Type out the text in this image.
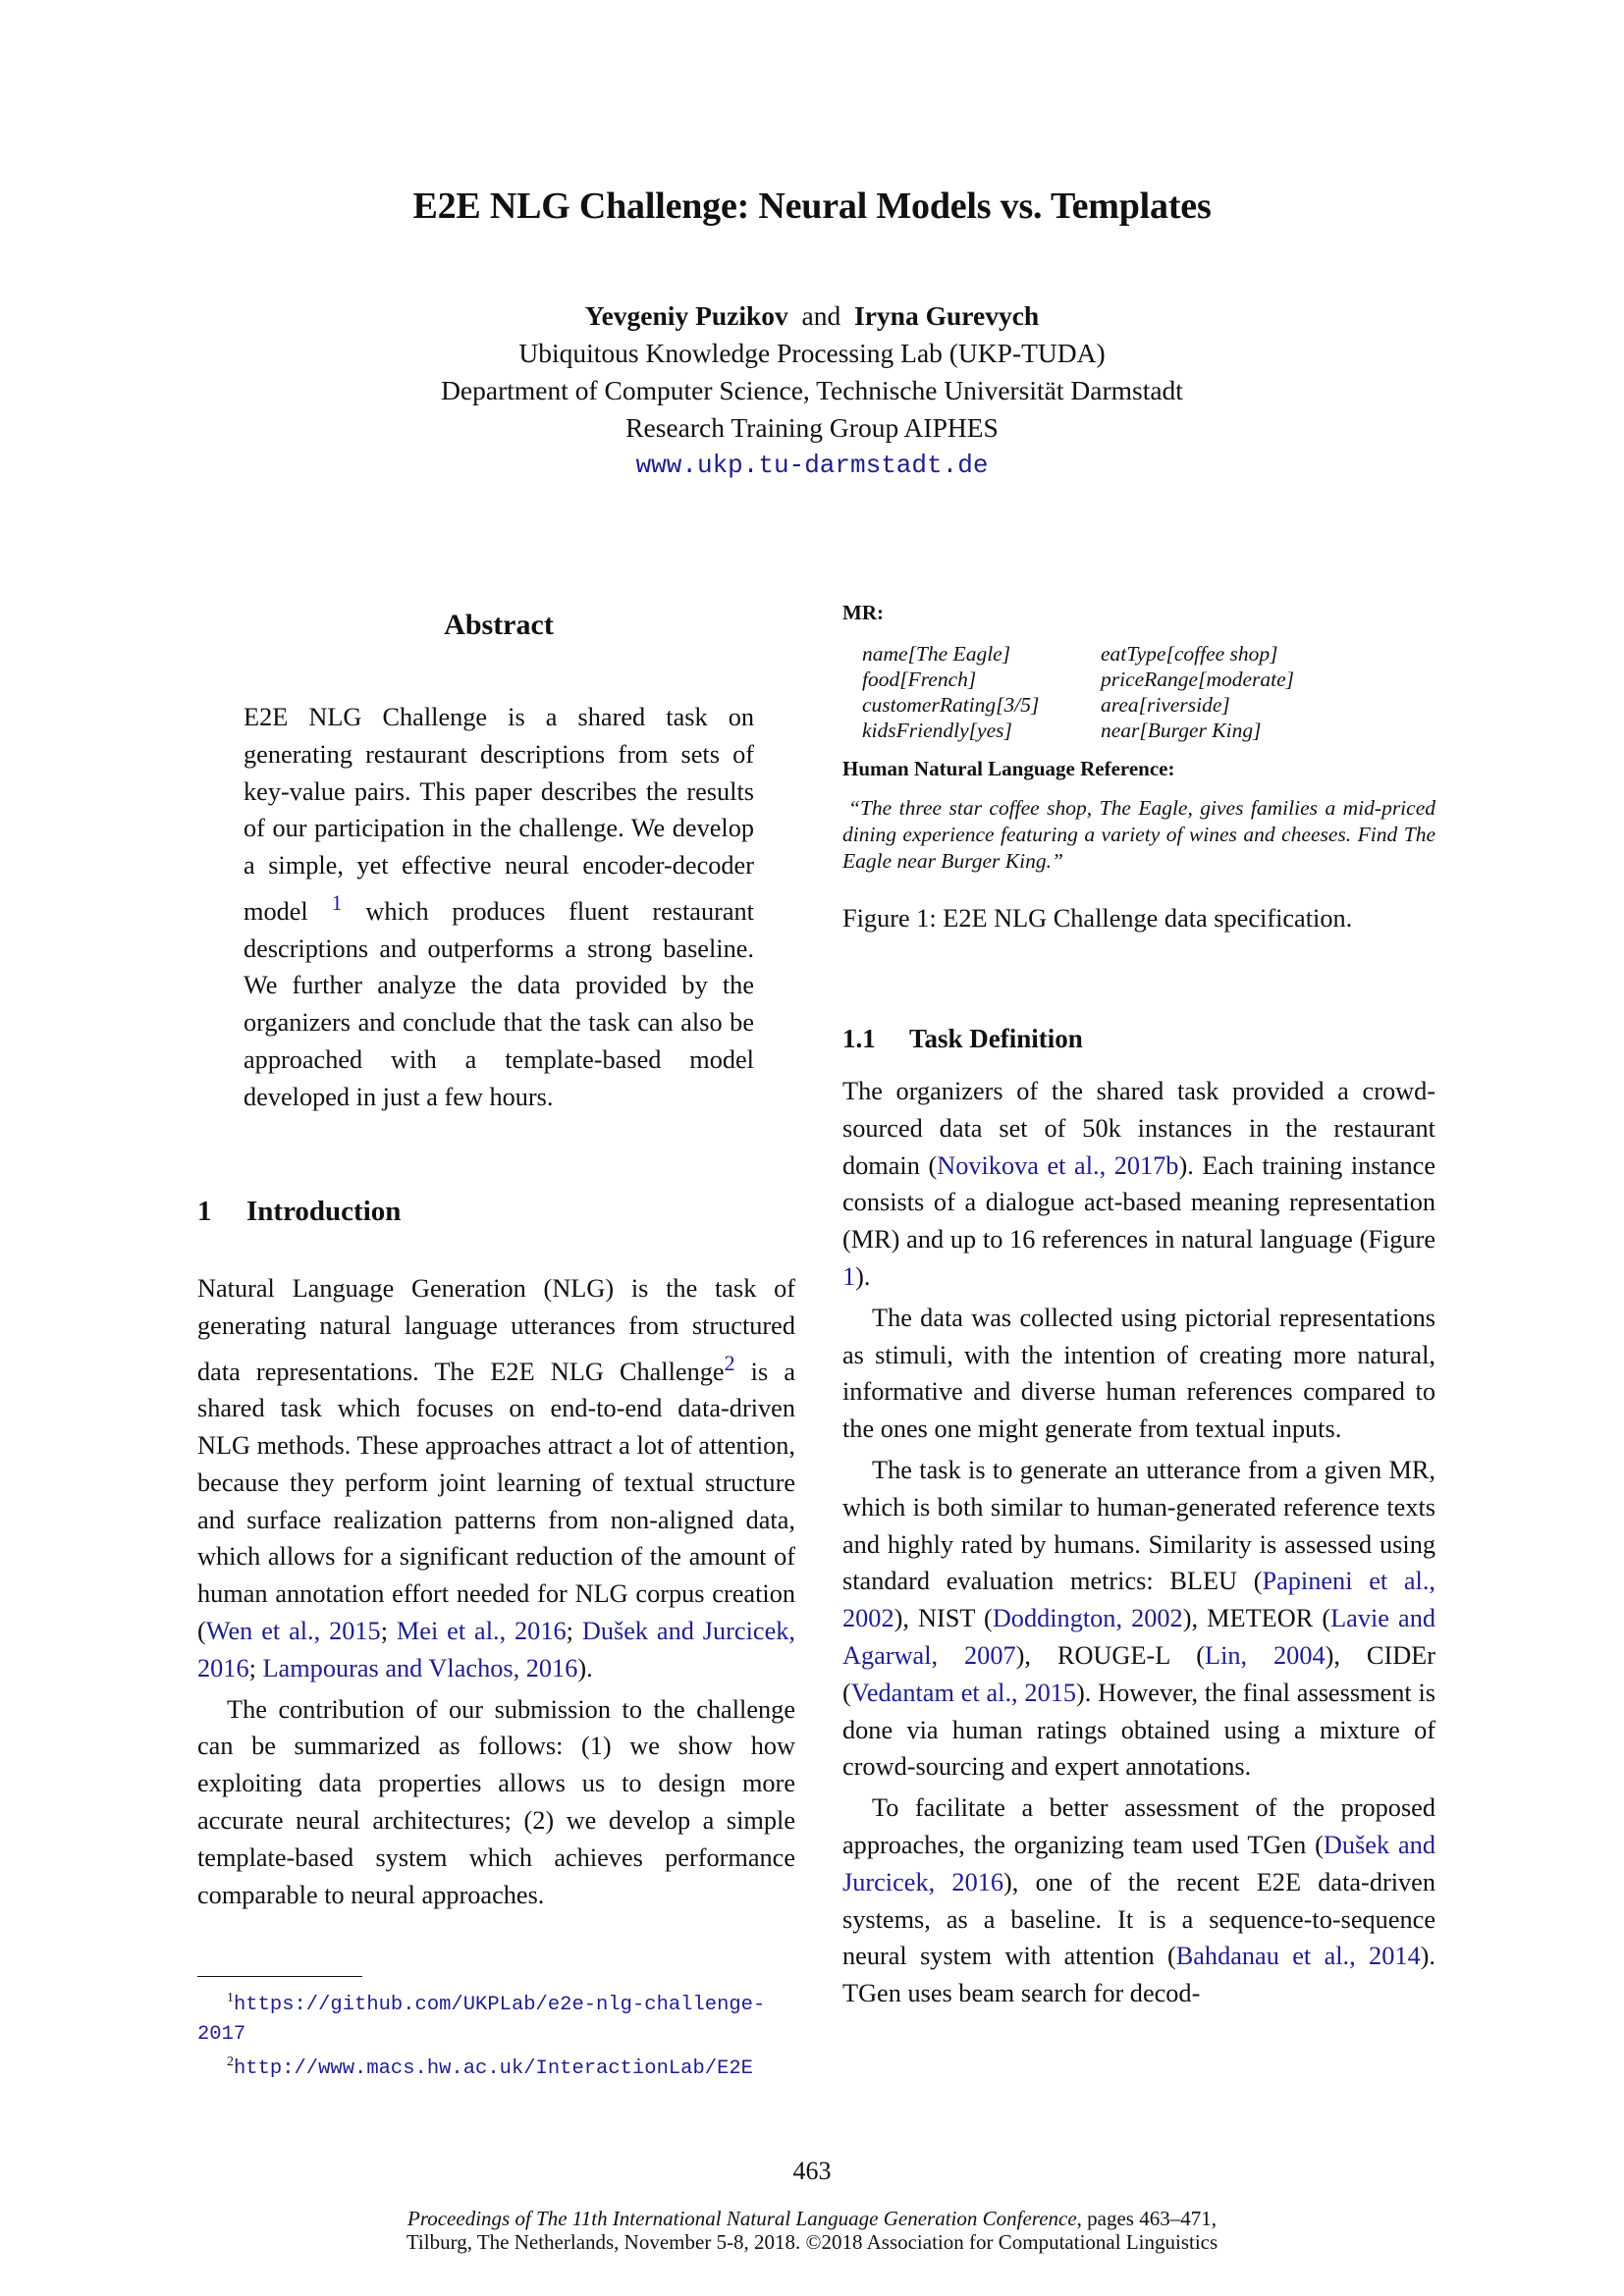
E2E NLG Challenge: Neural Models vs. Templates
Yevgeniy Puzikov and Iryna Gurevych
Ubiquitous Knowledge Processing Lab (UKP-TUDA)
Department of Computer Science, Technische Universität Darmstadt
Research Training Group AIPHES
www.ukp.tu-darmstadt.de
Abstract

E2E NLG Challenge is a shared task on generating restaurant descriptions from sets of key-value pairs. This paper describes the results of our participation in the challenge. We develop a simple, yet effective neural encoder-decoder model $^1$ which produces fluent restaurant descriptions and outperforms a strong baseline. We further analyze the data provided by the organizers and conclude that the task can also be approached with a template-based model developed in just a few hours.

1 Introduction

Natural Language Generation (NLG) is the task of generating natural language utterances from structured data representations. The E2E NLG Challenge$^2$ is a shared task which focuses on end-to-end data-driven NLG methods. These approaches attract a lot of attention, because they perform joint learning of textual structure and surface realization patterns from non-aligned data, which allows for a significant reduction of the amount of human annotation effort needed for NLG corpus creation (Wen et al., 2015; Mei et al., 2016; Dušek and Jurcicek, 2016; Lampouras and Vlachos, 2016).

The contribution of our submission to the challenge can be summarized as follows: (1) we show how exploiting data properties allows us to design more accurate neural architectures; (2) we develop a simple template-based system which achieves performance comparable to neural approaches.

$^1$https://github.com/UKPLab/e2e-nlg-challenge-2017
$^2$http://www.macs.hw.ac.uk/InteractionLab/E2E
MR:
name[The Eagle]	eatType[coffee shop]
food[French]	priceRange[moderate]
customerRating[3/5]	area[riverside]
kidsFriendly[yes]	near[Burger King]
Human Natural Language Reference:
“The three star coffee shop, The Eagle, gives families a mid-priced dining experience featuring a variety of wines and cheeses. Find The Eagle near Burger King.”
Figure 1: E2E NLG Challenge data specification.
1.1 Task Definition

The organizers of the shared task provided a crowd-sourced data set of 50k instances in the restaurant domain (Novikova et al., 2017b). Each training instance consists of a dialogue act-based meaning representation (MR) and up to 16 references in natural language (Figure 1).

The data was collected using pictorial representations as stimuli, with the intention of creating more natural, informative and diverse human references compared to the ones one might generate from textual inputs.

The task is to generate an utterance from a given MR, which is both similar to human-generated reference texts and highly rated by humans. Similarity is assessed using standard evaluation metrics: BLEU (Papineni et al., 2002), NIST (Doddington, 2002), METEOR (Lavie and Agarwal, 2007), ROUGE-L (Lin, 2004), CIDEr (Vedantam et al., 2015). However, the final assessment is done via human ratings obtained using a mixture of crowd-sourcing and expert annotations.

To facilitate a better assessment of the proposed approaches, the organizing team used TGen (Dušek and Jurcicek, 2016), one of the recent E2E data-driven systems, as a baseline. It is a sequence-to-sequence neural system with attention (Bahdanau et al., 2014). TGen uses beam search for decod-

463
Proceedings of The 11th International Natural Language Generation Conference, pages 463–471,
Tilburg, The Netherlands, November 5-8, 2018. ©2018 Association for Computational Linguistics
